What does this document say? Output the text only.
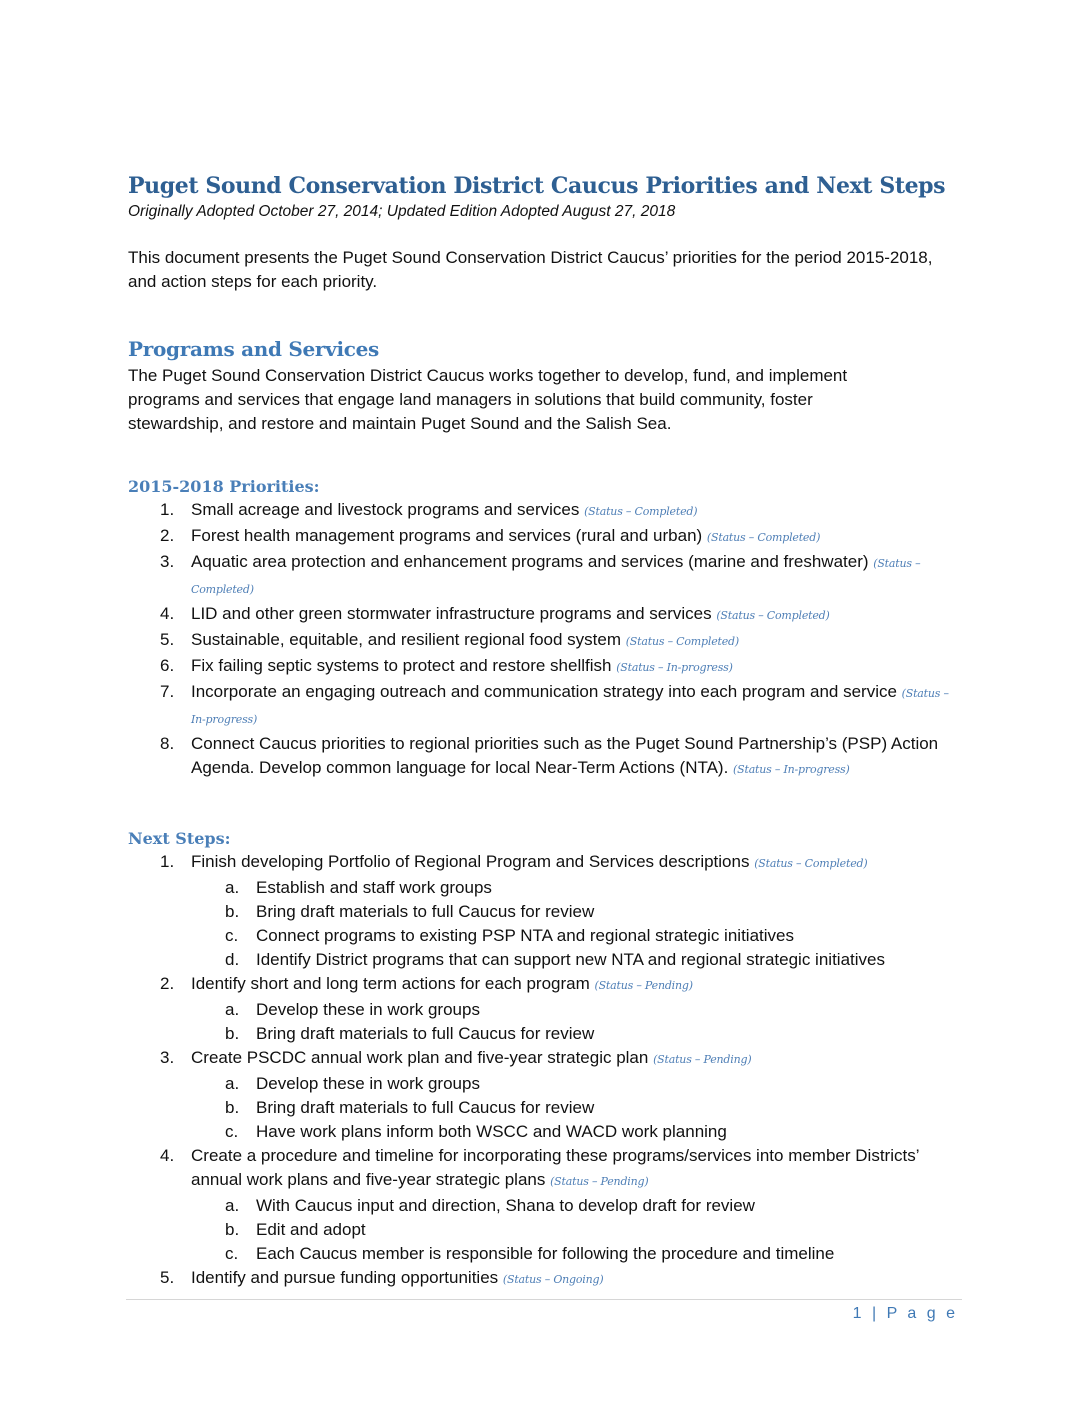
Puget Sound Conservation District Caucus Priorities and Next Steps

Originally Adopted October 27, 2014; Updated Edition Adopted August 27, 2018

This document presents the Puget Sound Conservation District Caucus’ priorities for the period 2015-2018, and action steps for each priority.

Programs and Services

The Puget Sound Conservation District Caucus works together to develop, fund, and implement programs and services that engage land managers in solutions that build community, foster stewardship, and restore and maintain Puget Sound and the Salish Sea.

2015-2018 Priorities:
1. Small acreage and livestock programs and services (Status – Completed)
2. Forest health management programs and services (rural and urban) (Status – Completed)
3. Aquatic area protection and enhancement programs and services (marine and freshwater) (Status – Completed)
4. LID and other green stormwater infrastructure programs and services (Status – Completed)
5. Sustainable, equitable, and resilient regional food system (Status – Completed)
6. Fix failing septic systems to protect and restore shellfish (Status – In-progress)
7. Incorporate an engaging outreach and communication strategy into each program and service (Status – In-progress)
8. Connect Caucus priorities to regional priorities such as the Puget Sound Partnership’s (PSP) Action Agenda. Develop common language for local Near-Term Actions (NTA). (Status – In-progress)
Next Steps:
1. Finish developing Portfolio of Regional Program and Services descriptions (Status – Completed)
a. Establish and staff work groups
b. Bring draft materials to full Caucus for review
c. Connect programs to existing PSP NTA and regional strategic initiatives
d. Identify District programs that can support new NTA and regional strategic initiatives
2. Identify short and long term actions for each program (Status – Pending)
a. Develop these in work groups
b. Bring draft materials to full Caucus for review
3. Create PSCDC annual work plan and five-year strategic plan (Status – Pending)
a. Develop these in work groups
b. Bring draft materials to full Caucus for review
c. Have work plans inform both WSCC and WACD work planning
4. Create a procedure and timeline for incorporating these programs/services into member Districts’ annual work plans and five-year strategic plans (Status – Pending)
a. With Caucus input and direction, Shana to develop draft for review
b. Edit and adopt
c. Each Caucus member is responsible for following the procedure and timeline
5. Identify and pursue funding opportunities (Status – Ongoing)
1 | P a g e
